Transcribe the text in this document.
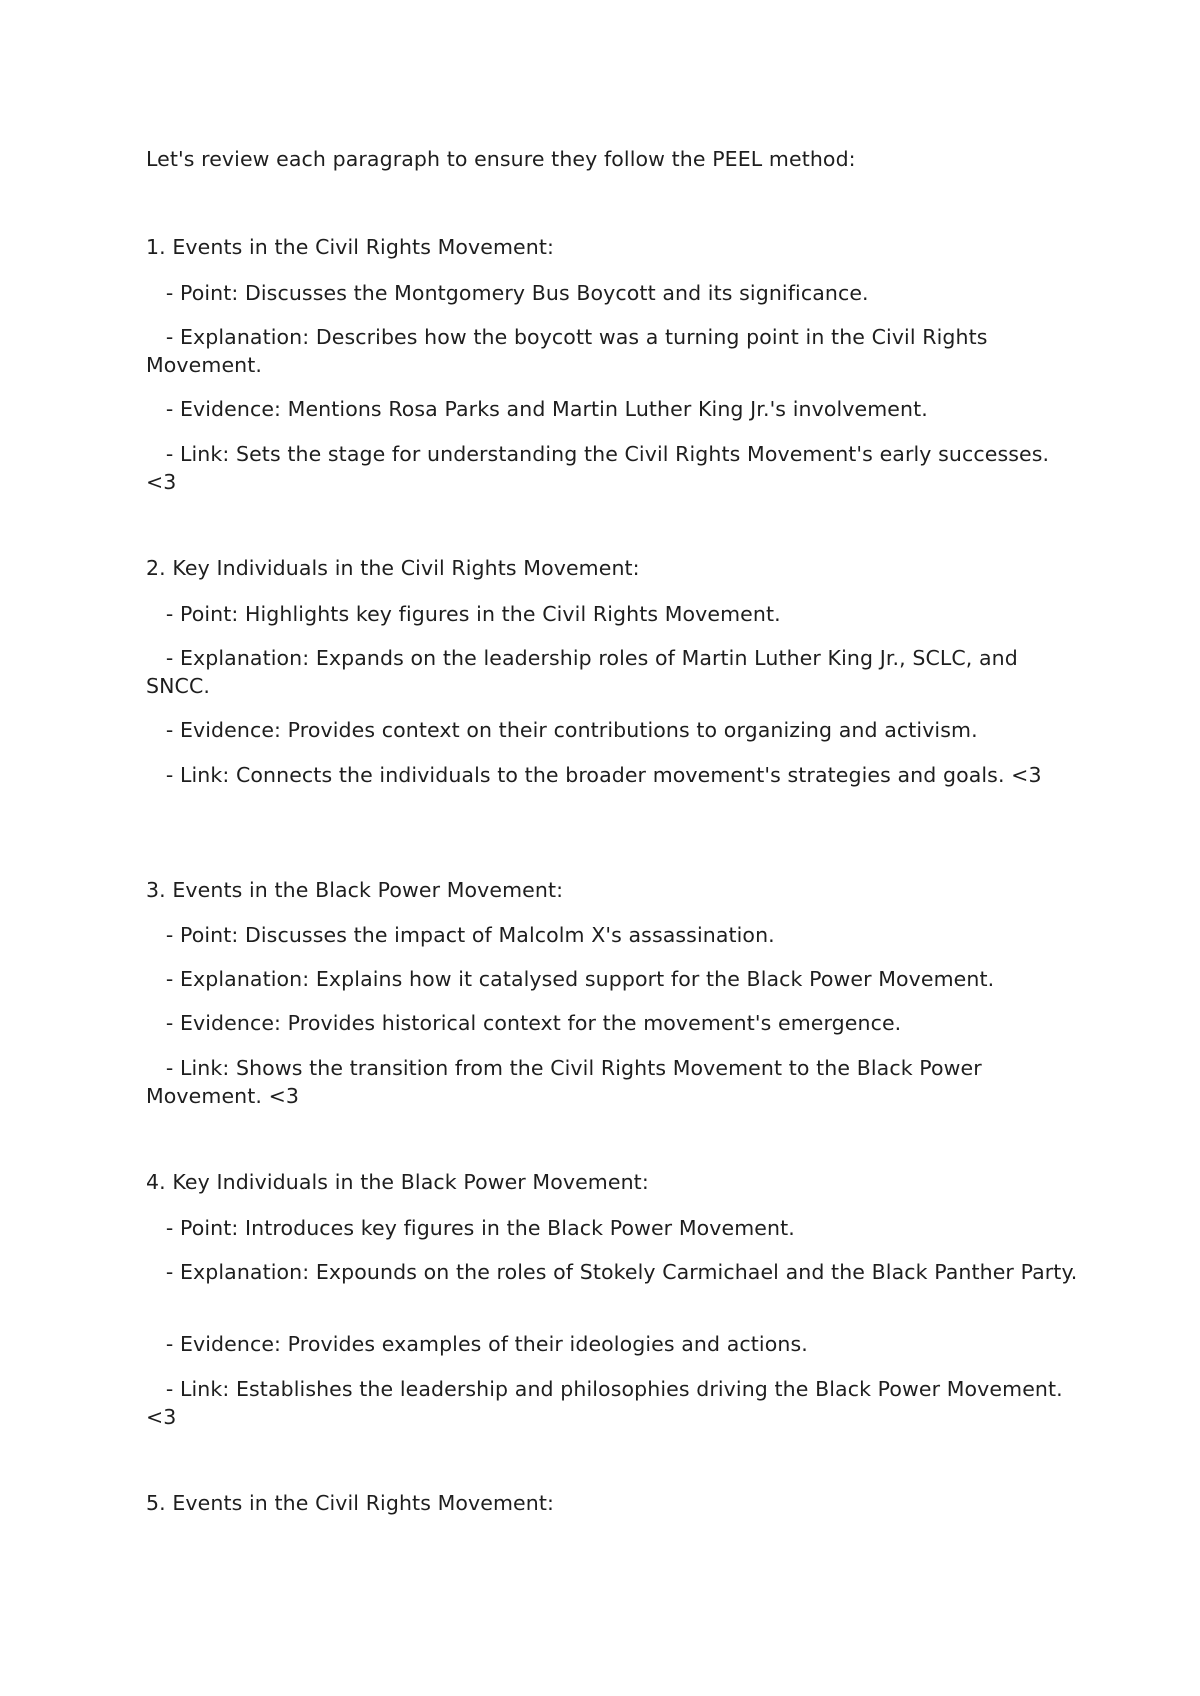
Let's review each paragraph to ensure they follow the PEEL method:
1. Events in the Civil Rights Movement:
- Point: Discusses the Montgomery Bus Boycott and its significance.
- Explanation: Describes how the boycott was a turning point in the Civil Rights Movement.
- Evidence: Mentions Rosa Parks and Martin Luther King Jr.'s involvement.
- Link: Sets the stage for understanding the Civil Rights Movement's early successes. <3
2. Key Individuals in the Civil Rights Movement:
- Point: Highlights key figures in the Civil Rights Movement.
- Explanation: Expands on the leadership roles of Martin Luther King Jr., SCLC, and SNCC.
- Evidence: Provides context on their contributions to organizing and activism.
- Link: Connects the individuals to the broader movement's strategies and goals. <3
3. Events in the Black Power Movement:
- Point: Discusses the impact of Malcolm X's assassination.
- Explanation: Explains how it catalysed support for the Black Power Movement.
- Evidence: Provides historical context for the movement's emergence.
- Link: Shows the transition from the Civil Rights Movement to the Black Power Movement. <3
4. Key Individuals in the Black Power Movement:
- Point: Introduces key figures in the Black Power Movement.
- Explanation: Expounds on the roles of Stokely Carmichael and the Black Panther Party.
- Evidence: Provides examples of their ideologies and actions.
- Link: Establishes the leadership and philosophies driving the Black Power Movement. <3
5. Events in the Civil Rights Movement:
